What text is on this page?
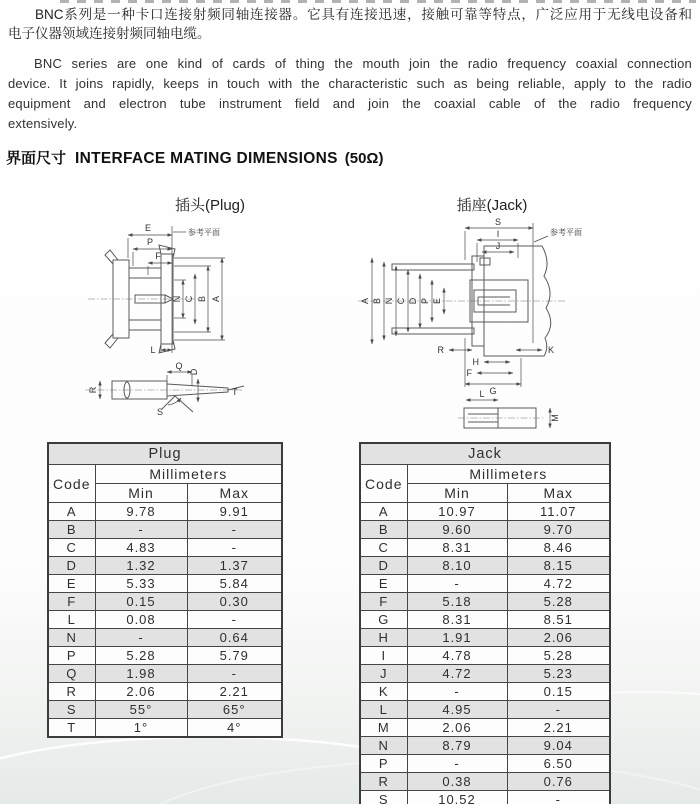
BNC系列是一种卡口连接射频同轴连接器。它具有连接迅速，接触可靠等特点，广泛应用于无线电设备和
电子仪器领域连接射频同轴电缆。
BNC series are one kind of cards of thing the mouth join the radio frequency coaxial connection
device. It joins rapidly, keeps in touch with the characteristic such as being reliable, apply to the radio
equipment and electron tube instrument field and join the coaxial cable of the radio frequency
extensively.
界面尺寸 INTERFACE MATING DIMENSIONS (50Ω)
插头(Plug)	插座(Jack)
E
P
F
参考平面
N C B A
L
R
Q
D
T
S
S
I
J
参考平面
A B N C D P E
R	K
H
F
G
L
M
Plug		
Code	Millimeters	
	Min	Max
A	9.78	9.91
B	-	-
C	4.83	-
D	1.32	1.37
E	5.33	5.84
F	0.15	0.30
L	0.08	-
N	-	0.64
P	5.28	5.79
Q	1.98	-
R	2.06	2.21
S	55°	65°
T	1°	4°
Jack		
Code	Millimeters	
	Min	Max
A	10.97	11.07
B	9.60	9.70
C	8.31	8.46
D	8.10	8.15
E	-	4.72
F	5.18	5.28
G	8.31	8.51
H	1.91	2.06
I	4.78	5.28
J	4.72	5.23
K	-	0.15
L	4.95	-
M	2.06	2.21
N	8.79	9.04
P	-	6.50
R	0.38	0.76
S	10.52	-
